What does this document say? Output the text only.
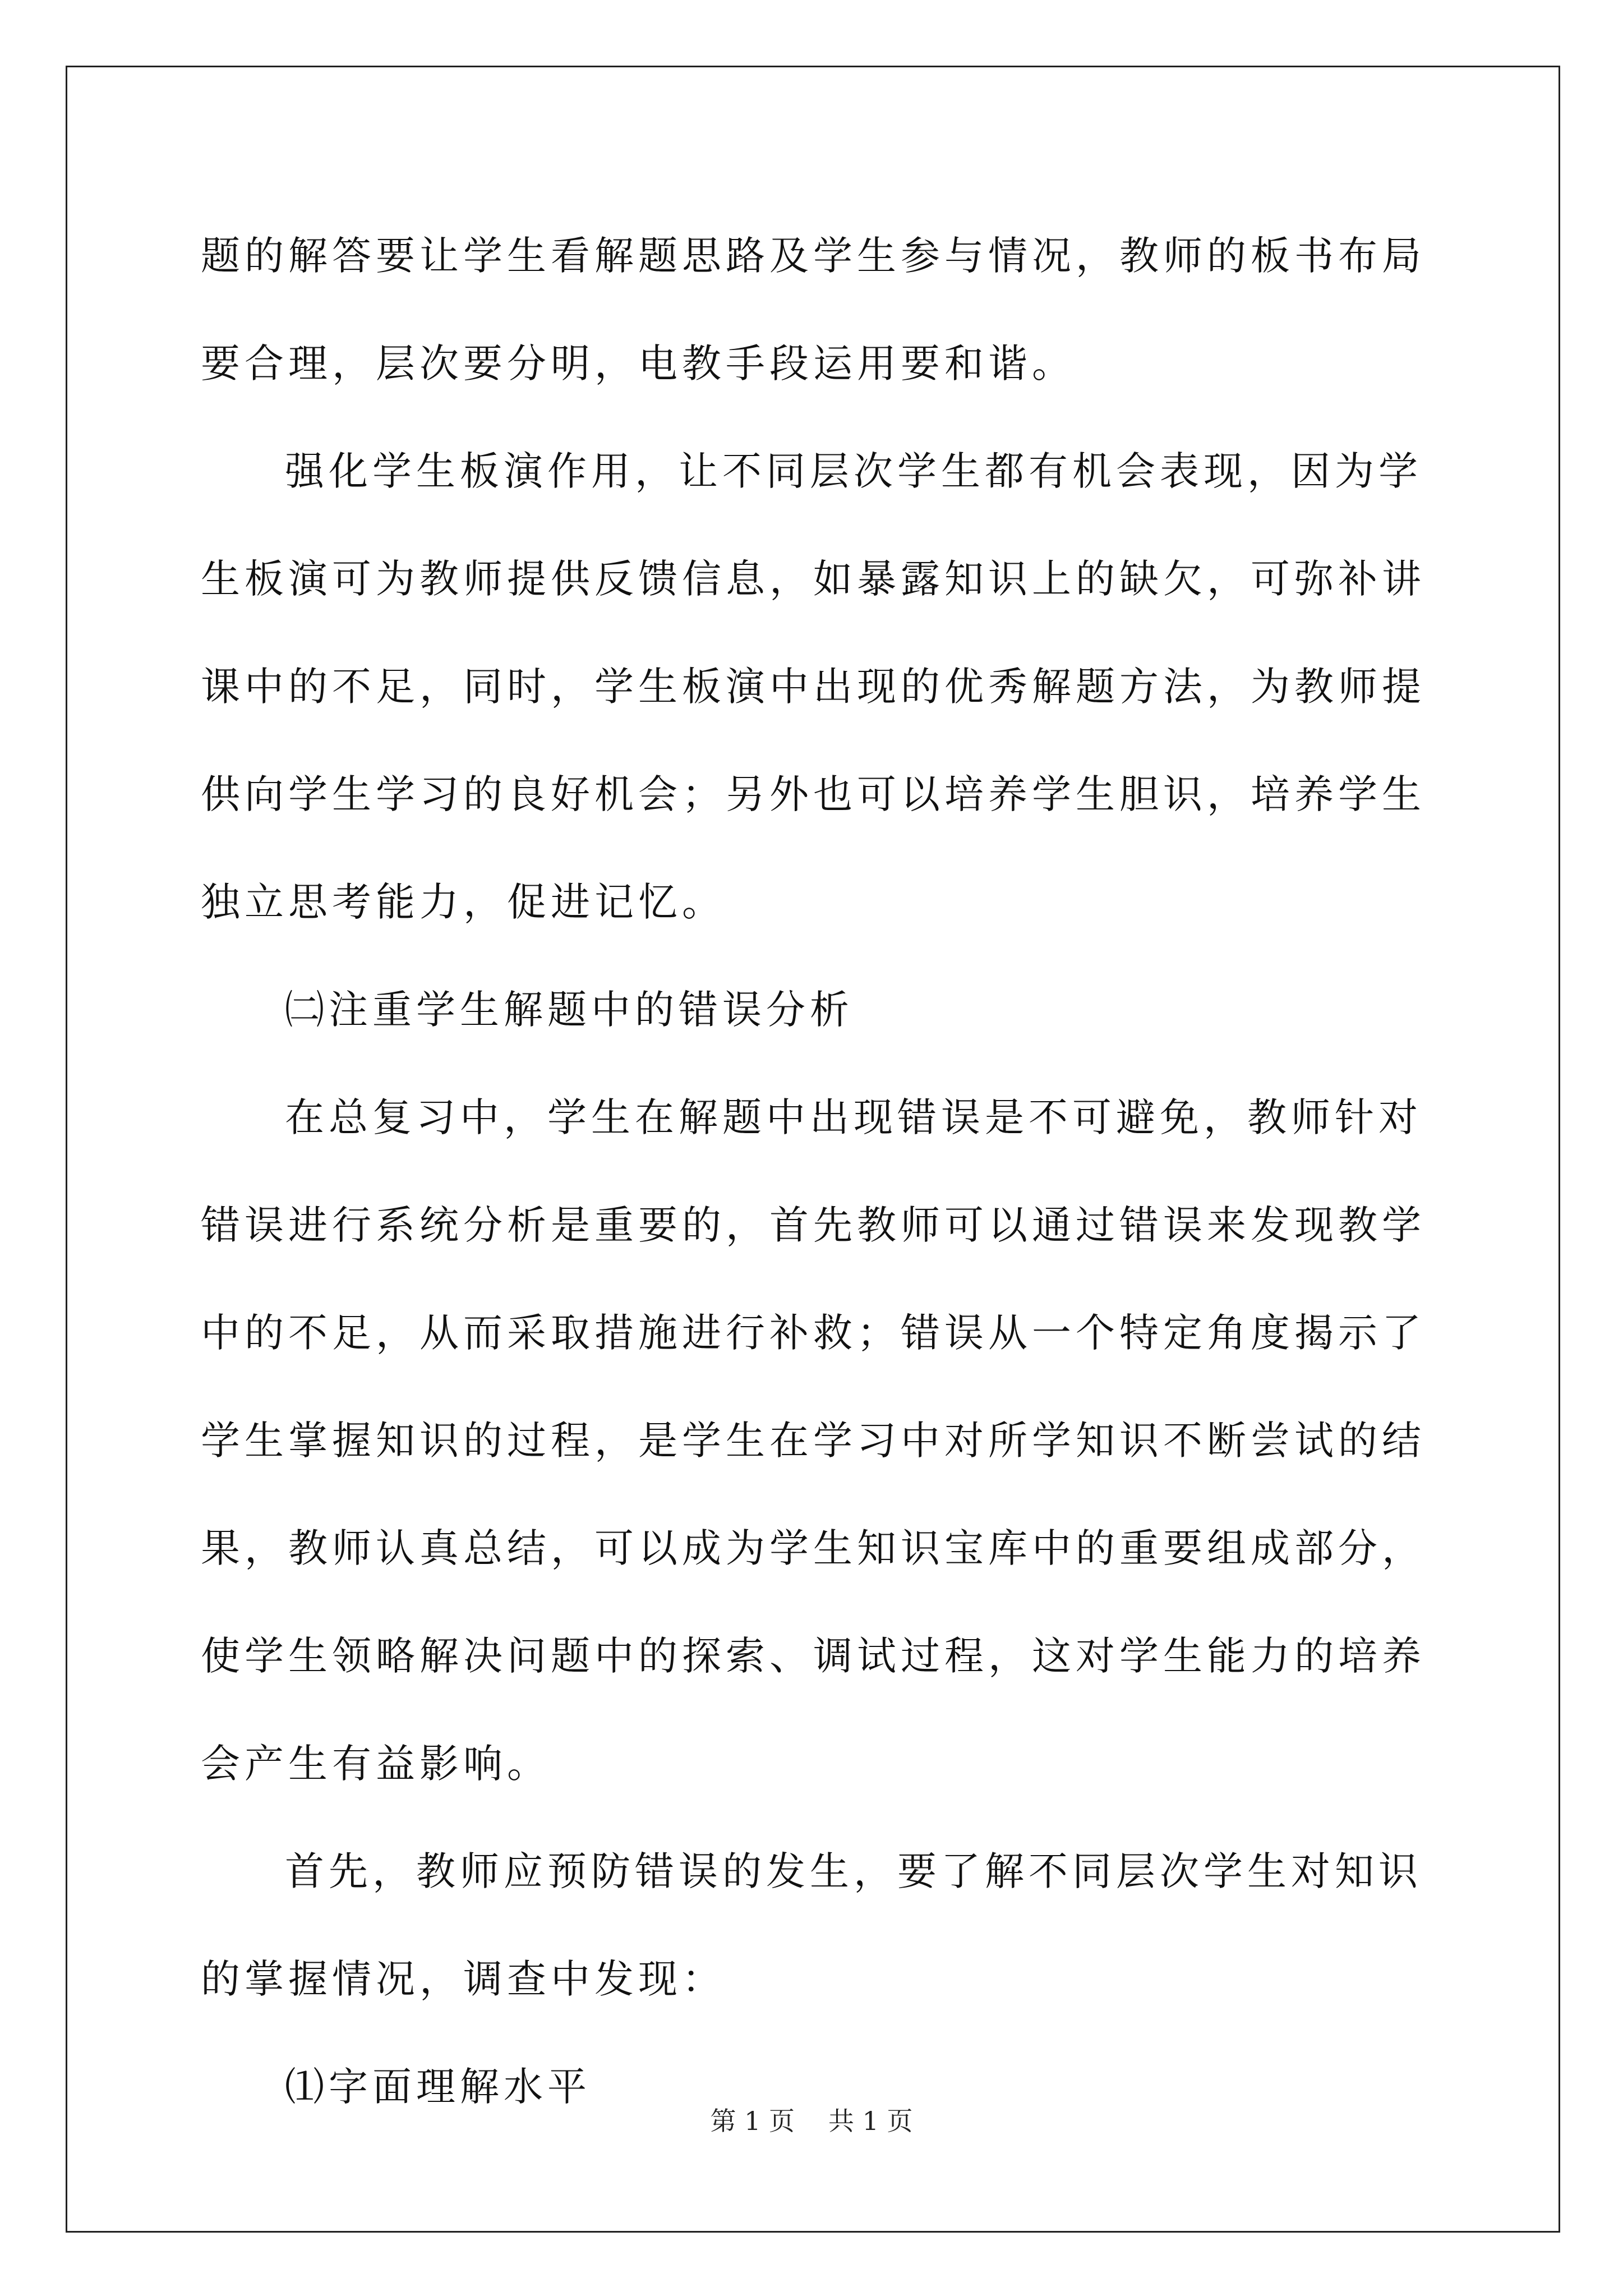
题的解答要让学生看解题思路及学生参与情况，教师的板书布局要合理，层次要分明，电教手段运用要和谐。

强化学生板演作用，让不同层次学生都有机会表现，因为学生板演可为教师提供反馈信息，如暴露知识上的缺欠，可弥补讲课中的不足，同时，学生板演中出现的优秀解题方法，为教师提供向学生学习的良好机会；另外也可以培养学生胆识，培养学生独立思考能力，促进记忆。

㈡注重学生解题中的错误分析

在总复习中，学生在解题中出现错误是不可避免，教师针对错误进行系统分析是重要的，首先教师可以通过错误来发现教学中的不足，从而采取措施进行补救；错误从一个特定角度揭示了学生掌握知识的过程，是学生在学习中对所学知识不断尝试的结果，教师认真总结，可以成为学生知识宝库中的重要组成部分，使学生领略解决问题中的探索、调试过程，这对学生能力的培养会产生有益影响。

首先，教师应预防错误的发生，要了解不同层次学生对知识的掌握情况，调查中发现：

⑴字面理解水平

第 1 页 共 1 页
